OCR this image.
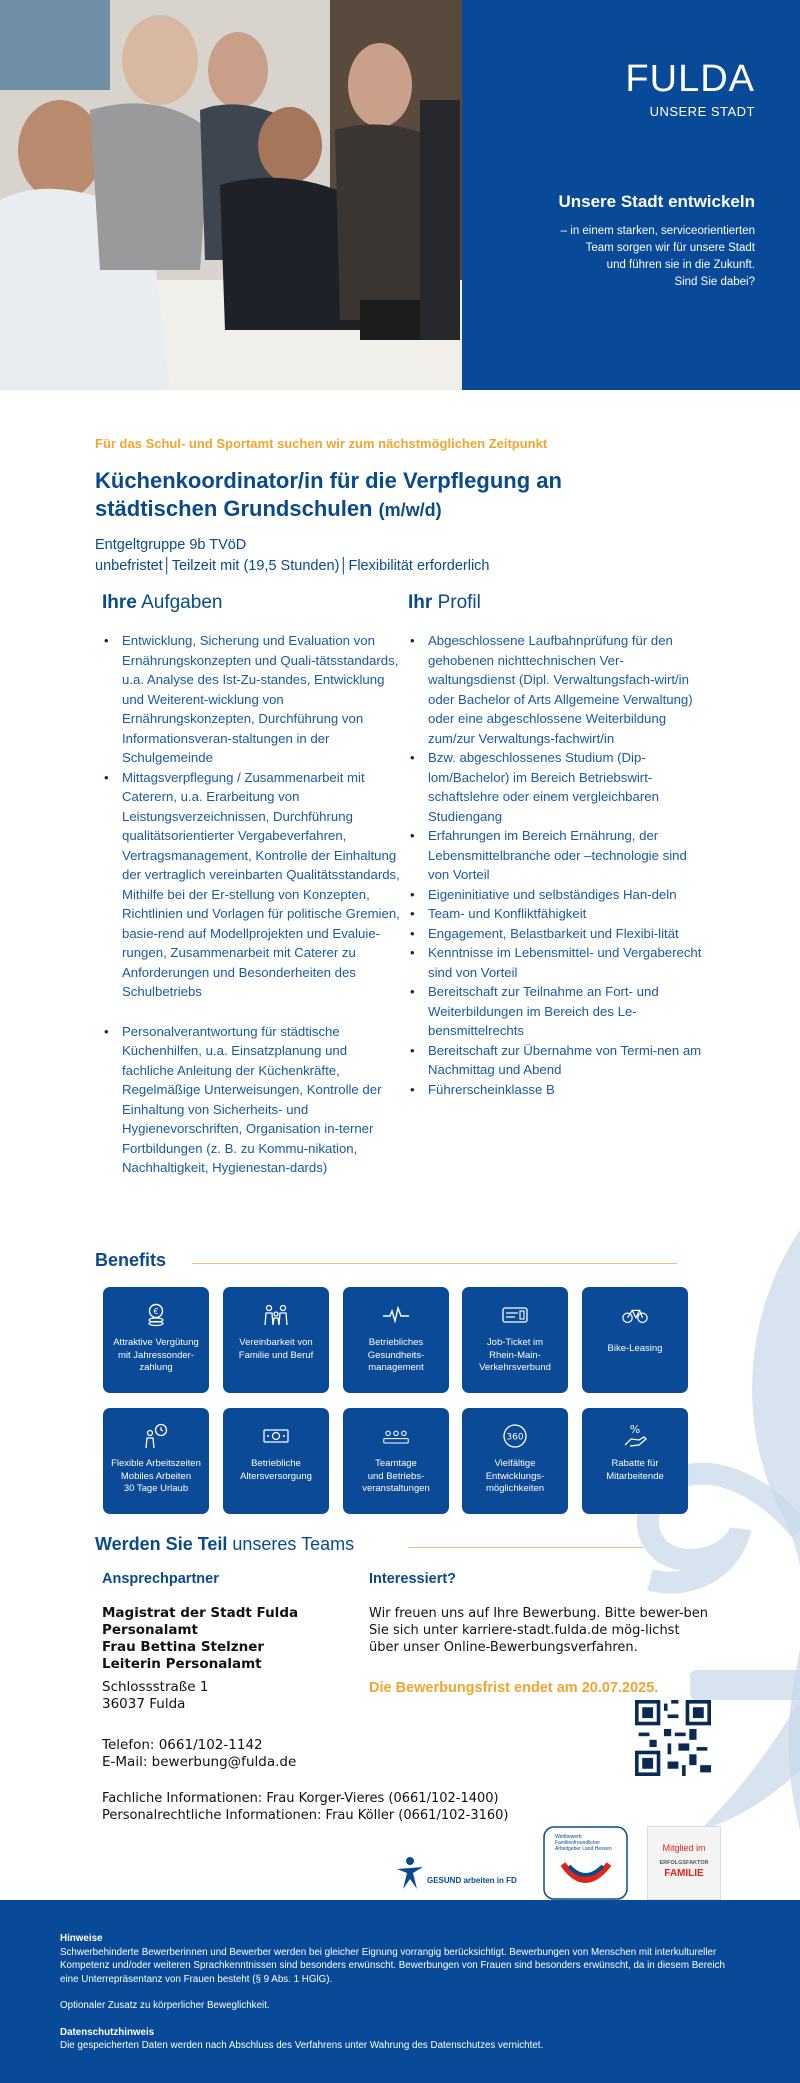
FULDA
UNSERE STADT
Unsere Stadt entwickeln
– in einem starken, serviceorientierten
Team sorgen wir für unsere Stadt
und führen sie in die Zukunft.
Sind Sie dabei?
Für das Schul- und Sportamt suchen wir zum nächstmöglichen Zeitpunkt
Küchenkoordinator/in für die Verpflegung an
städtischen Grundschulen (m/w/d)
Entgeltgruppe 9b TVöD
unbefristet│Teilzeit mit (19,5 Stunden)│Flexibilität erforderlich
Ihre Aufgaben
• Entwicklung, Sicherung und Evaluation von Ernährungskonzepten und Quali-tätsstandards, u.a. Analyse des Ist-Zu-standes, Entwicklung und Weiterent-wicklung von Ernährungskonzepten, Durchführung von Informationsveran-staltungen in der Schulgemeinde
• Mittagsverpflegung / Zusammenarbeit mit Caterern, u.a. Erarbeitung von Leistungsverzeichnissen, Durchführung qualitätsorientierter Vergabeverfahren, Vertragsmanagement, Kontrolle der Einhaltung der vertraglich vereinbarten Qualitätsstandards, Mithilfe bei der Er-stellung von Konzepten, Richtlinien und Vorlagen für politische Gremien, basie-rend auf Modellprojekten und Evaluie-rungen, Zusammenarbeit mit Caterer zu Anforderungen und Besonderheiten des Schulbetriebs
• Personalverantwortung für städtische Küchenhilfen, u.a. Einsatzplanung und fachliche Anleitung der Küchenkräfte, Regelmäßige Unterweisungen, Kontrolle der Einhaltung von Sicherheits- und Hygienevorschriften, Organisation in-terner Fortbildungen (z. B. zu Kommu-nikation, Nachhaltigkeit, Hygienestan-dards)
Ihr Profil
• Abgeschlossene Laufbahnprüfung für den gehobenen nichttechnischen Ver-waltungsdienst (Dipl. Verwaltungsfach-wirt/in oder Bachelor of Arts Allgemeine Verwaltung) oder eine abgeschlossene Weiterbildung zum/zur Verwaltungs-fachwirt/in
• Bzw. abgeschlossenes Studium (Dip-lom/Bachelor) im Bereich Betriebswirt-schaftslehre oder einem vergleichbaren Studiengang
• Erfahrungen im Bereich Ernährung, der Lebensmittelbranche oder –technologie sind von Vorteil
• Eigeninitiative und selbständiges Han-deln
• Team- und Konfliktfähigkeit
• Engagement, Belastbarkeit und Flexibi-lität
• Kenntnisse im Lebensmittel- und Vergaberecht sind von Vorteil
• Bereitschaft zur Teilnahme an Fort- und Weiterbildungen im Bereich des Le-bensmittelrechts
• Bereitschaft zur Übernahme von Termi-nen am Nachmittag und Abend
• Führerscheinklasse B
Benefits
€
Attraktive Vergütung
mit Jahressonder-
zahlung
Vereinbarkeit von
Familie und Beruf
Betriebliches
Gesundheits-
management
Job-Ticket im
Rhein-Main-
Verkehrsverbund
Bike-Leasing
Flexible Arbeitszeiten
Mobiles Arbeiten
30 Tage Urlaub
Betriebliche
Altersversorgung
Teamtage
und Betriebs-
veranstaltungen
360
Vielfältige
Entwicklungs-
möglichkeiten
%
Rabatte für
Mitarbeitende
Werden Sie Teil unseres Teams
Ansprechpartner
Magistrat der Stadt Fulda
Personalamt
Frau Bettina Stelzner
Leiterin Personalamt
Schlossstraße 1
36037 Fulda
Telefon: 0661/102-1142
E-Mail: bewerbung@fulda.de
Interessiert?
Wir freuen uns auf Ihre Bewerbung. Bitte bewer-ben Sie sich unter karriere-stadt.fulda.de mög-lichst über unser Online-Bewerbungsverfahren.
Die Bewerbungsfrist endet am 20.07.2025.
Fachliche Informationen: Frau Korger-Vieres (0661/102-1400)
Personalrechtliche Informationen: Frau Köller (0661/102-3160)
GESUND arbeiten in FD
Wettbewerb Familienfreundlicher Arbeitgeber Land Hessen	Mitglied im
ERFOLGSFAKTOR
FAMILIE

Hinweise

Schwerbehinderte Bewerberinnen und Bewerber werden bei gleicher Eignung vorrangig berücksichtigt. Bewerbungen von Menschen mit interkultureller Kompetenz und/oder weiteren Sprachkenntnissen sind besonders erwünscht. Bewerbungen von Frauen sind besonders erwünscht, da in diesem Bereich eine Unterrepräsentanz von Frauen besteht (§ 9 Abs. 1 HGlG).

Optionaler Zusatz zu körperlicher Beweglichkeit.

Datenschutzhinweis

Die gespeicherten Daten werden nach Abschluss des Verfahrens unter Wahrung des Datenschutzes vernichtet.
